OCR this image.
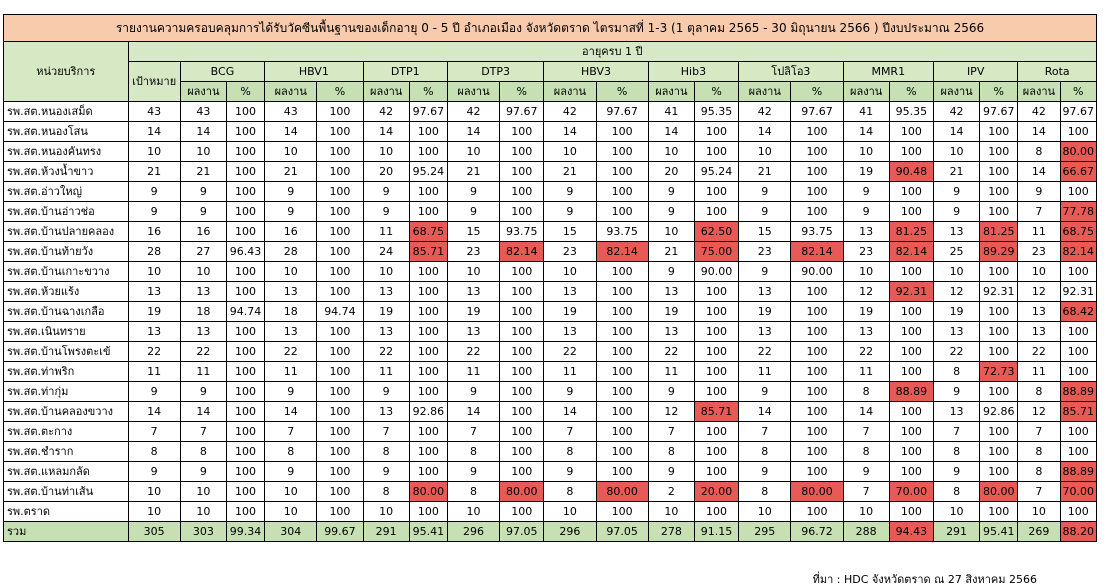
รายงานความครอบคลุมการได้รับวัคซีนพื้นฐานของเด็กอายุ 0 - 5 ปี อำเภอเมือง จังหวัดตราด ไตรมาสที่ 1-3 (1 ตุลาคม 2565 - 30 มิถุนายน 2566 ) ปีงบประมาณ 2566																					
หน่วยบริการ	อายุครบ 1 ปี																				
	เป้าหมาย	BCG		HBV1		DTP1		DTP3		HBV3		Hib3		โปลิโอ3		MMR1		IPV		Rota	
		ผลงาน	%	ผลงาน	%	ผลงาน	%	ผลงาน	%	ผลงาน	%	ผลงาน	%	ผลงาน	%	ผลงาน	%	ผลงาน	%	ผลงาน	%
รพ.สต.หนองเสม็ด	43	43	100	43	100	42	97.67	42	97.67	42	97.67	41	95.35	42	97.67	41	95.35	42	97.67	42	97.67
รพ.สต.หนองโสน	14	14	100	14	100	14	100	14	100	14	100	14	100	14	100	14	100	14	100	14	100
รพ.สต.หนองคันทรง	10	10	100	10	100	10	100	10	100	10	100	10	100	10	100	10	100	10	100	8	80.00
รพ.สต.ห้วงน้ำขาว	21	21	100	21	100	20	95.24	21	100	21	100	20	95.24	21	100	19	90.48	21	100	14	66.67
รพ.สต.อ่าวใหญ่	9	9	100	9	100	9	100	9	100	9	100	9	100	9	100	9	100	9	100	9	100
รพ.สต.บ้านอ่าวช่อ	9	9	100	9	100	9	100	9	100	9	100	9	100	9	100	9	100	9	100	7	77.78
รพ.สต.บ้านปลายคลอง	16	16	100	16	100	11	68.75	15	93.75	15	93.75	10	62.50	15	93.75	13	81.25	13	81.25	11	68.75
รพ.สต.บ้านท้ายวัง	28	27	96.43	28	100	24	85.71	23	82.14	23	82.14	21	75.00	23	82.14	23	82.14	25	89.29	23	82.14
รพ.สต.บ้านเกาะขวาง	10	10	100	10	100	10	100	10	100	10	100	9	90.00	9	90.00	10	100	10	100	10	100
รพ.สต.ห้วยแร้ง	13	13	100	13	100	13	100	13	100	13	100	13	100	13	100	12	92.31	12	92.31	12	92.31
รพ.สต.บ้านฉางเกลือ	19	18	94.74	18	94.74	19	100	19	100	19	100	19	100	19	100	19	100	19	100	13	68.42
รพ.สต.เนินทราย	13	13	100	13	100	13	100	13	100	13	100	13	100	13	100	13	100	13	100	13	100
รพ.สต.บ้านโพรงตะเข้	22	22	100	22	100	22	100	22	100	22	100	22	100	22	100	22	100	22	100	22	100
รพ.สต.ท่าพริก	11	11	100	11	100	11	100	11	100	11	100	11	100	11	100	11	100	8	72.73	11	100
รพ.สต.ท่ากุ่ม	9	9	100	9	100	9	100	9	100	9	100	9	100	9	100	8	88.89	9	100	8	88.89
รพ.สต.บ้านคลองขวาง	14	14	100	14	100	13	92.86	14	100	14	100	12	85.71	14	100	14	100	13	92.86	12	85.71
รพ.สต.ตะกาง	7	7	100	7	100	7	100	7	100	7	100	7	100	7	100	7	100	7	100	7	100
รพ.สต.ชำราก	8	8	100	8	100	8	100	8	100	8	100	8	100	8	100	8	100	8	100	8	100
รพ.สต.แหลมกลัด	9	9	100	9	100	9	100	9	100	9	100	9	100	9	100	9	100	9	100	8	88.89
รพ.สต.บ้านท่าเส้น	10	10	100	10	100	8	80.00	8	80.00	8	80.00	2	20.00	8	80.00	7	70.00	8	80.00	7	70.00
รพ.ตราด	10	10	100	10	100	10	100	10	100	10	100	10	100	10	100	10	100	10	100	10	100
รวม	305	303	99.34	304	99.67	291	95.41	296	97.05	296	97.05	278	91.15	295	96.72	288	94.43	291	95.41	269	88.20
ที่มา : HDC จังหวัดตราด ณ 27 สิงหาคม 2566
